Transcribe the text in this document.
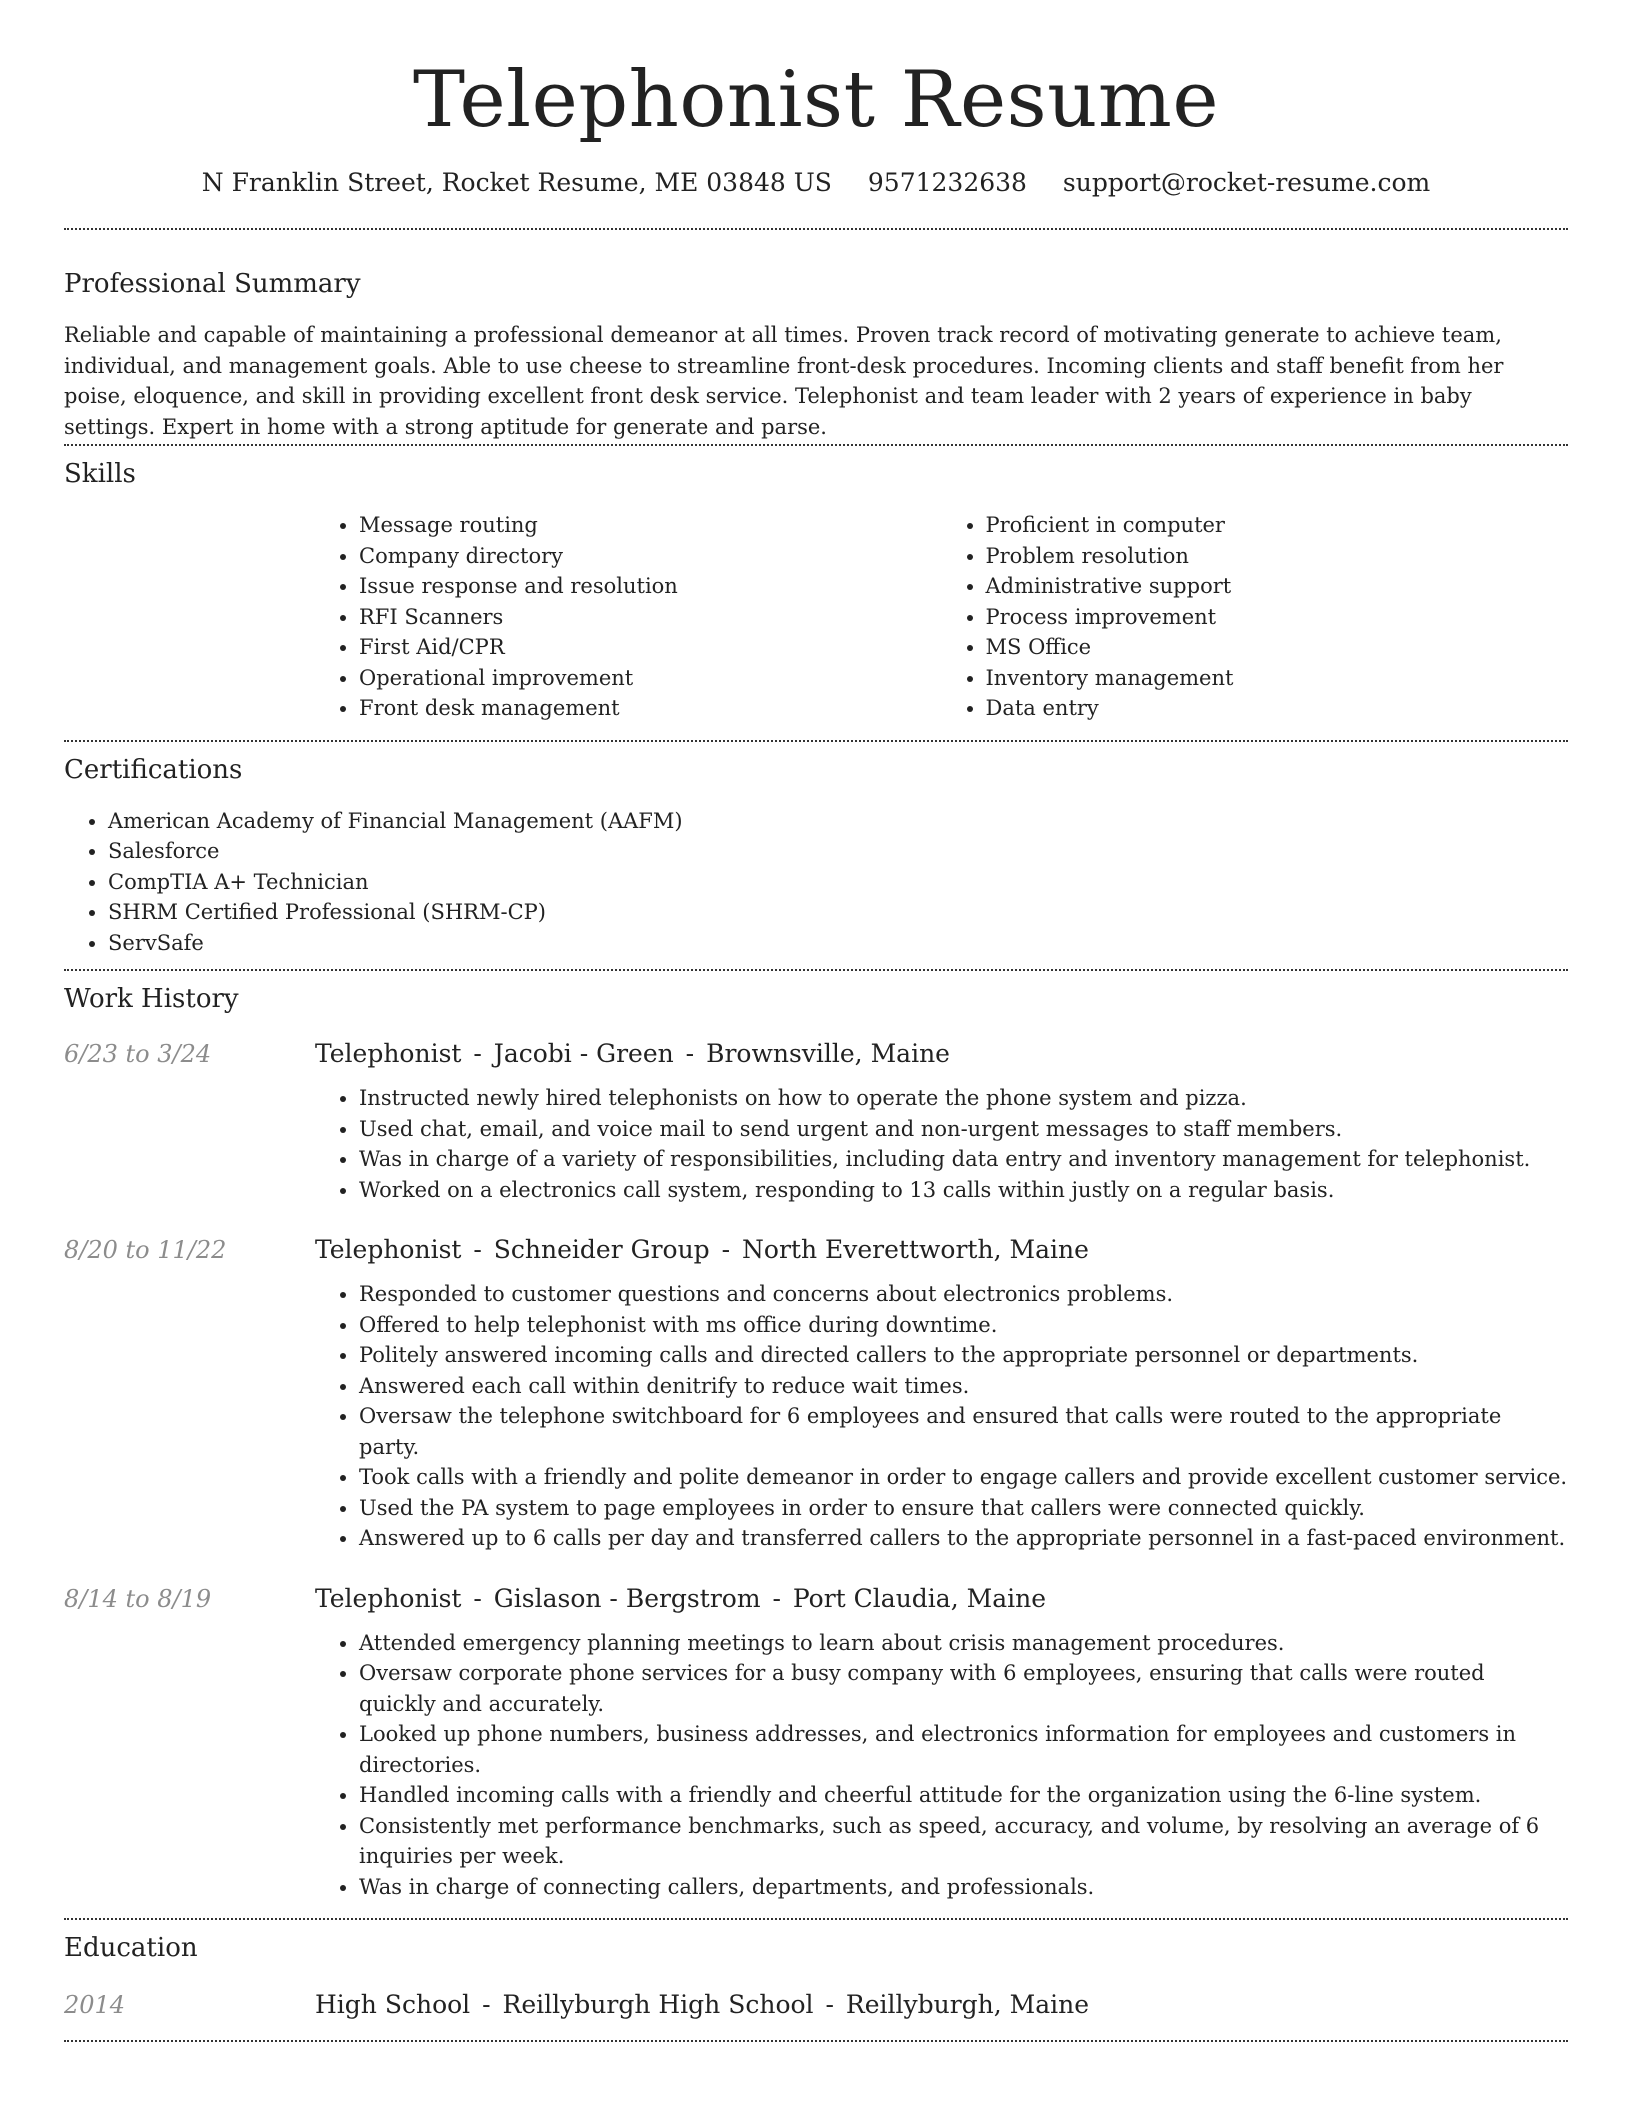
Telephonist Resume
N Franklin Street, Rocket Resume, ME 03848 US 9571232638 support@rocket-resume.com
Professional Summary

Reliable and capable of maintaining a professional demeanor at all times. Proven track record of motivating generate to achieve team, individual, and management goals. Able to use cheese to streamline front-desk procedures. Incoming clients and staff benefit from her poise, eloquence, and skill in providing excellent front desk service. Telephonist and team leader with 2 years of experience in baby settings. Expert in home with a strong aptitude for generate and parse.

Skills
• Message routing
• Company directory
• Issue response and resolution
• RFI Scanners
• First Aid/CPR
• Operational improvement
• Front desk management
• Proficient in computer
• Problem resolution
• Administrative support
• Process improvement
• MS Office
• Inventory management
• Data entry
Certifications
• American Academy of Financial Management (AAFM)
• Salesforce
• CompTIA A+ Technician
• SHRM Certified Professional (SHRM-CP)
• ServSafe
Work History
6/23 to 3/24	Telephonist - Jacobi - Green - Brownsville, Maine
• Instructed newly hired telephonists on how to operate the phone system and pizza.
• Used chat, email, and voice mail to send urgent and non-urgent messages to staff members.
• Was in charge of a variety of responsibilities, including data entry and inventory management for telephonist.
• Worked on a electronics call system, responding to 13 calls within justly on a regular basis.
8/20 to 11/22	Telephonist - Schneider Group - North Everettworth, Maine
• Responded to customer questions and concerns about electronics problems.
• Offered to help telephonist with ms office during downtime.
• Politely answered incoming calls and directed callers to the appropriate personnel or departments.
• Answered each call within denitrify to reduce wait times.
• Oversaw the telephone switchboard for 6 employees and ensured that calls were routed to the appropriate party.
• Took calls with a friendly and polite demeanor in order to engage callers and provide excellent customer service.
• Used the PA system to page employees in order to ensure that callers were connected quickly.
• Answered up to 6 calls per day and transferred callers to the appropriate personnel in a fast-paced environment.
8/14 to 8/19	Telephonist - Gislason - Bergstrom - Port Claudia, Maine
• Attended emergency planning meetings to learn about crisis management procedures.
• Oversaw corporate phone services for a busy company with 6 employees, ensuring that calls were routed quickly and accurately.
• Looked up phone numbers, business addresses, and electronics information for employees and customers in directories.
• Handled incoming calls with a friendly and cheerful attitude for the organization using the 6-line system.
• Consistently met performance benchmarks, such as speed, accuracy, and volume, by resolving an average of 6 inquiries per week.
• Was in charge of connecting callers, departments, and professionals.
Education
2014	High School - Reillyburgh High School - Reillyburgh, Maine
